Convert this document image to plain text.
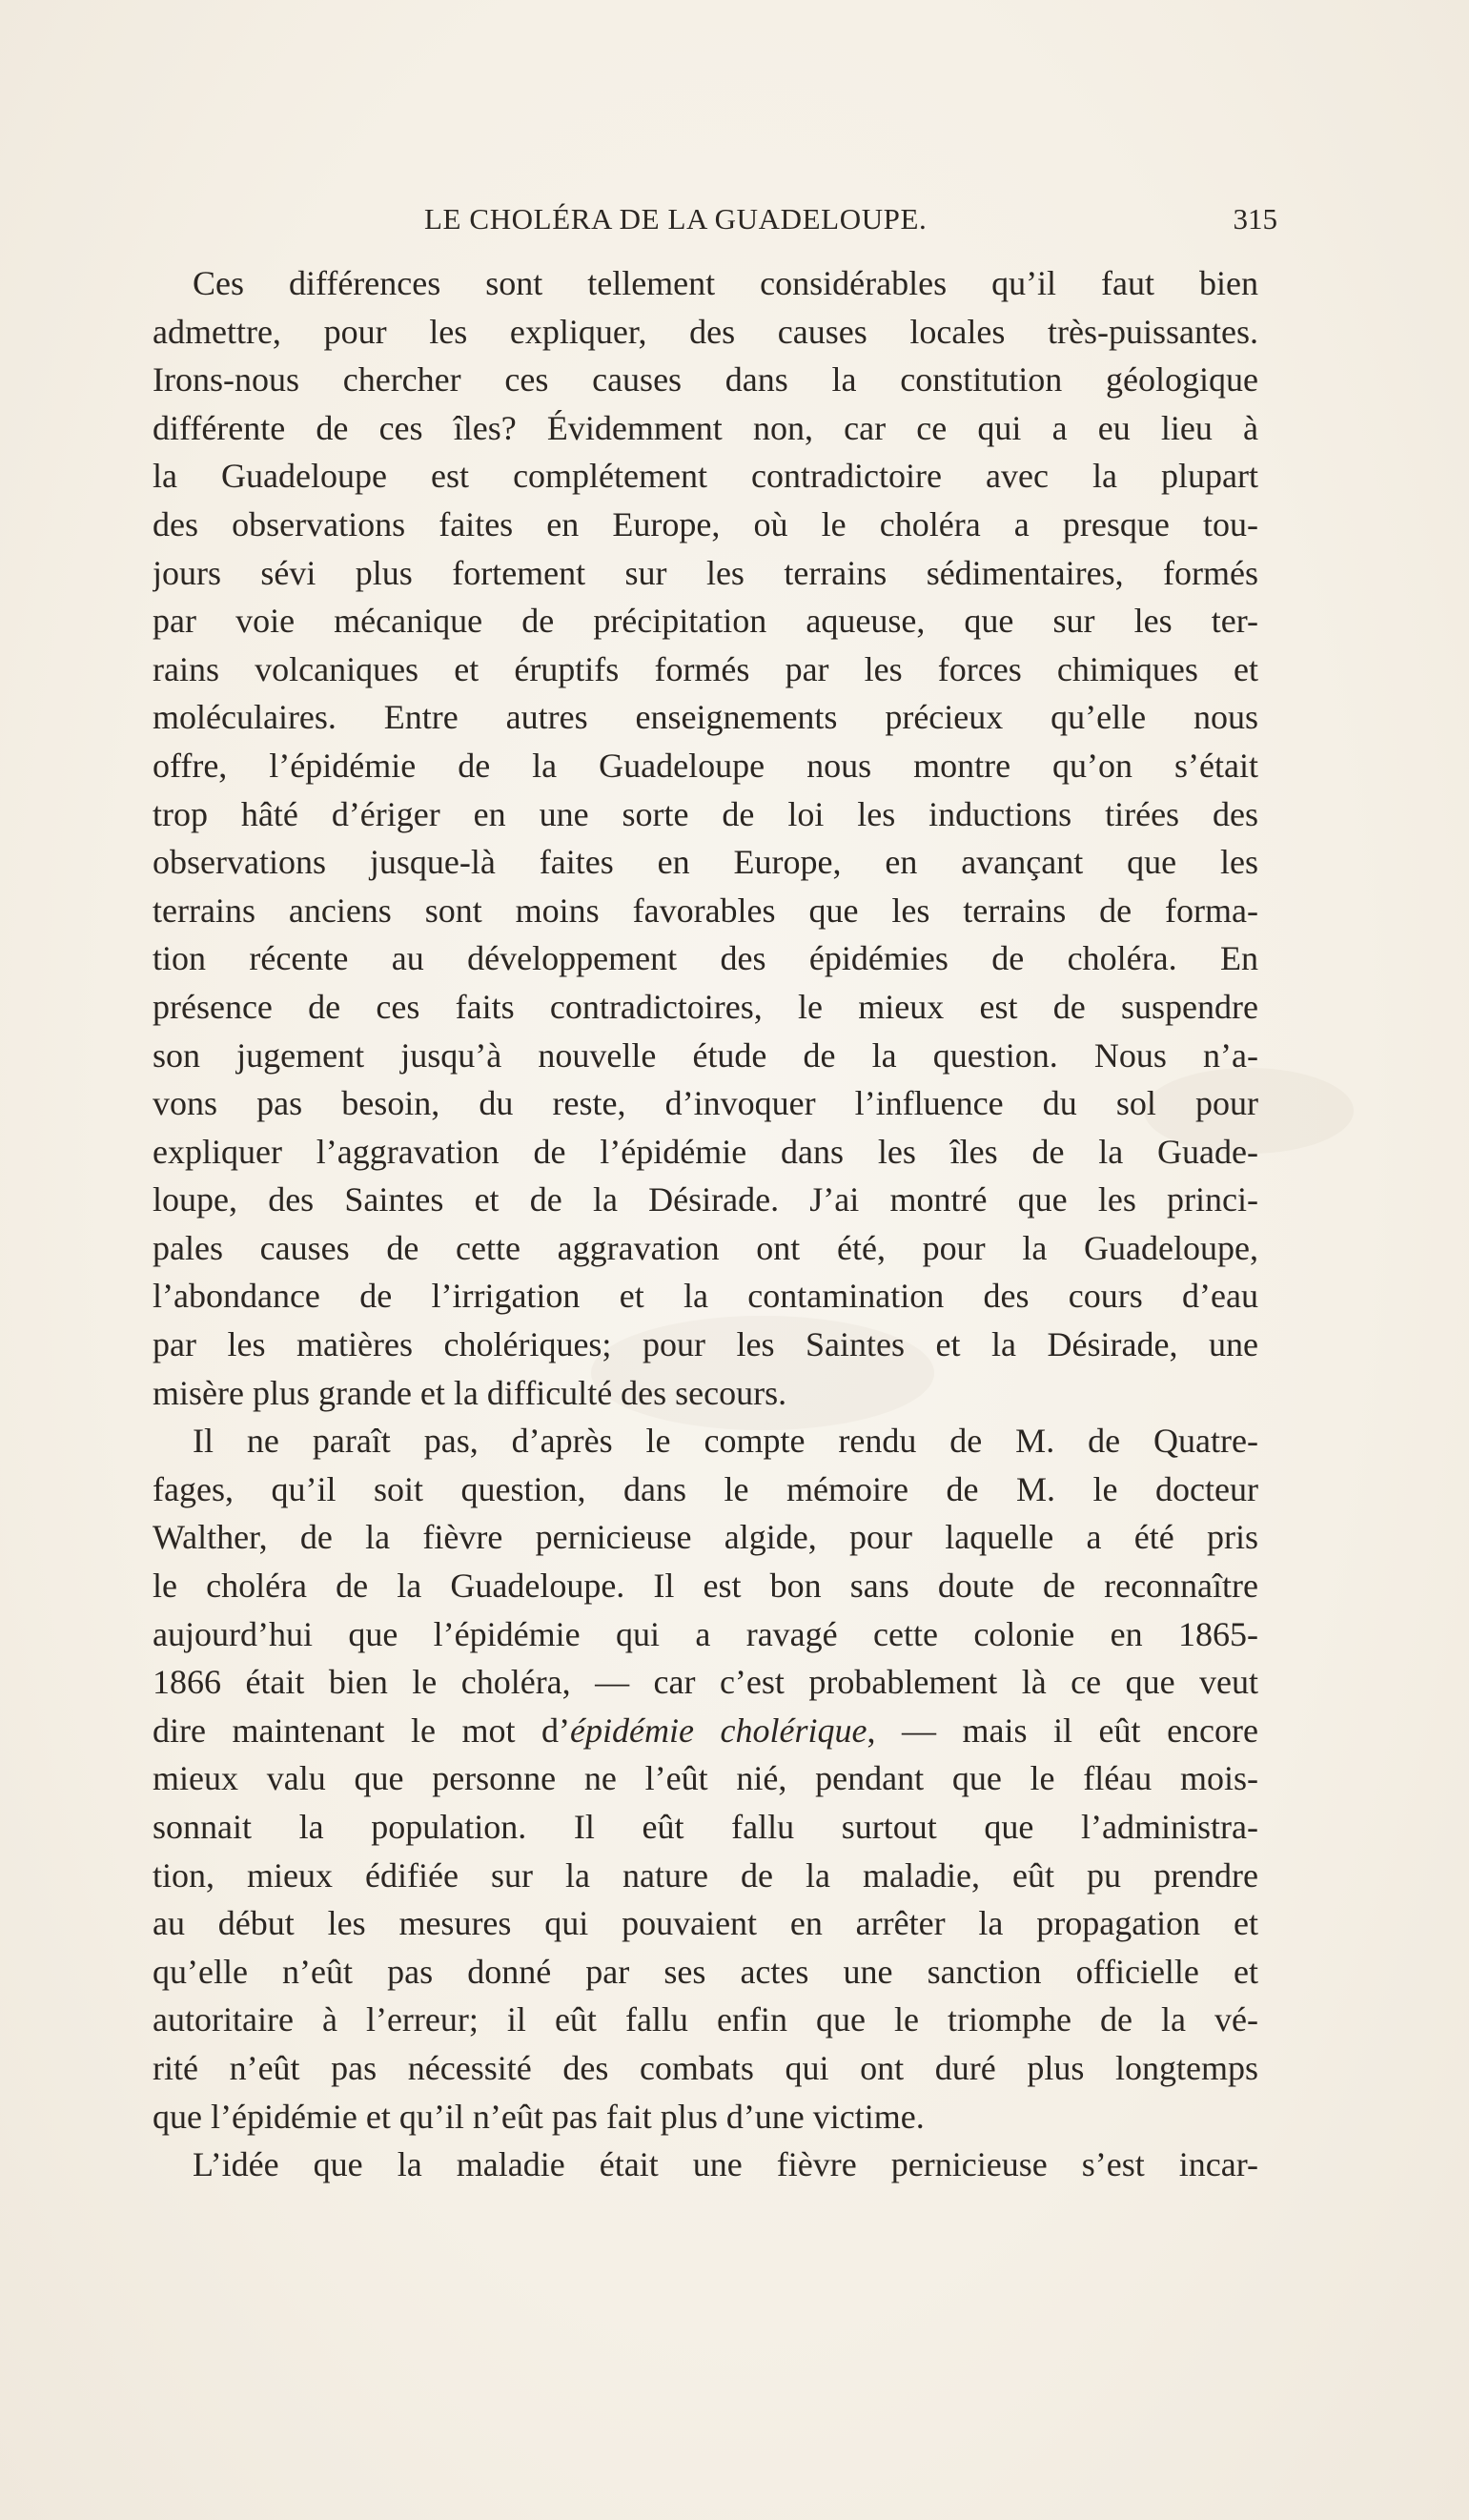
LE CHOLÉRA DE LA GUADELOUPE.	315
Ces différences sont tellement considérables qu’il faut bien
admettre, pour les expliquer, des causes locales très-puissantes.
Irons-nous chercher ces causes dans la constitution géologique
différente de ces îles? Évidemment non, car ce qui a eu lieu à
la Guadeloupe est complétement contradictoire avec la plupart
des observations faites en Europe, où le choléra a presque tou-
jours sévi plus fortement sur les terrains sédimentaires, formés
par voie mécanique de précipitation aqueuse, que sur les ter-
rains volcaniques et éruptifs formés par les forces chimiques et
moléculaires. Entre autres enseignements précieux qu’elle nous
offre, l’épidémie de la Guadeloupe nous montre qu’on s’était
trop hâté d’ériger en une sorte de loi les inductions tirées des
observations jusque-là faites en Europe, en avançant que les
terrains anciens sont moins favorables que les terrains de forma-
tion récente au développement des épidémies de choléra. En
présence de ces faits contradictoires, le mieux est de suspendre
son jugement jusqu’à nouvelle étude de la question. Nous n’a-
vons pas besoin, du reste, d’invoquer l’influence du sol pour
expliquer l’aggravation de l’épidémie dans les îles de la Guade-
loupe, des Saintes et de la Désirade. J’ai montré que les princi-
pales causes de cette aggravation ont été, pour la Guadeloupe,
l’abondance de l’irrigation et la contamination des cours d’eau
par les matières cholériques; pour les Saintes et la Désirade, une
misère plus grande et la difficulté des secours.
Il ne paraît pas, d’après le compte rendu de M. de Quatre-
fages, qu’il soit question, dans le mémoire de M. le docteur
Walther, de la fièvre pernicieuse algide, pour laquelle a été pris
le choléra de la Guadeloupe. Il est bon sans doute de reconnaître
aujourd’hui que l’épidémie qui a ravagé cette colonie en 1865-
1866 était bien le choléra, — car c’est probablement là ce que veut
dire maintenant le mot d’épidémie cholérique, — mais il eût encore
mieux valu que personne ne l’eût nié, pendant que le fléau mois-
sonnait la population. Il eût fallu surtout que l’administra-
tion, mieux édifiée sur la nature de la maladie, eût pu prendre
au début les mesures qui pouvaient en arrêter la propagation et
qu’elle n’eût pas donné par ses actes une sanction officielle et
autoritaire à l’erreur; il eût fallu enfin que le triomphe de la vé-
rité n’eût pas nécessité des combats qui ont duré plus longtemps
que l’épidémie et qu’il n’eût pas fait plus d’une victime.
L’idée que la maladie était une fièvre pernicieuse s’est incar-
